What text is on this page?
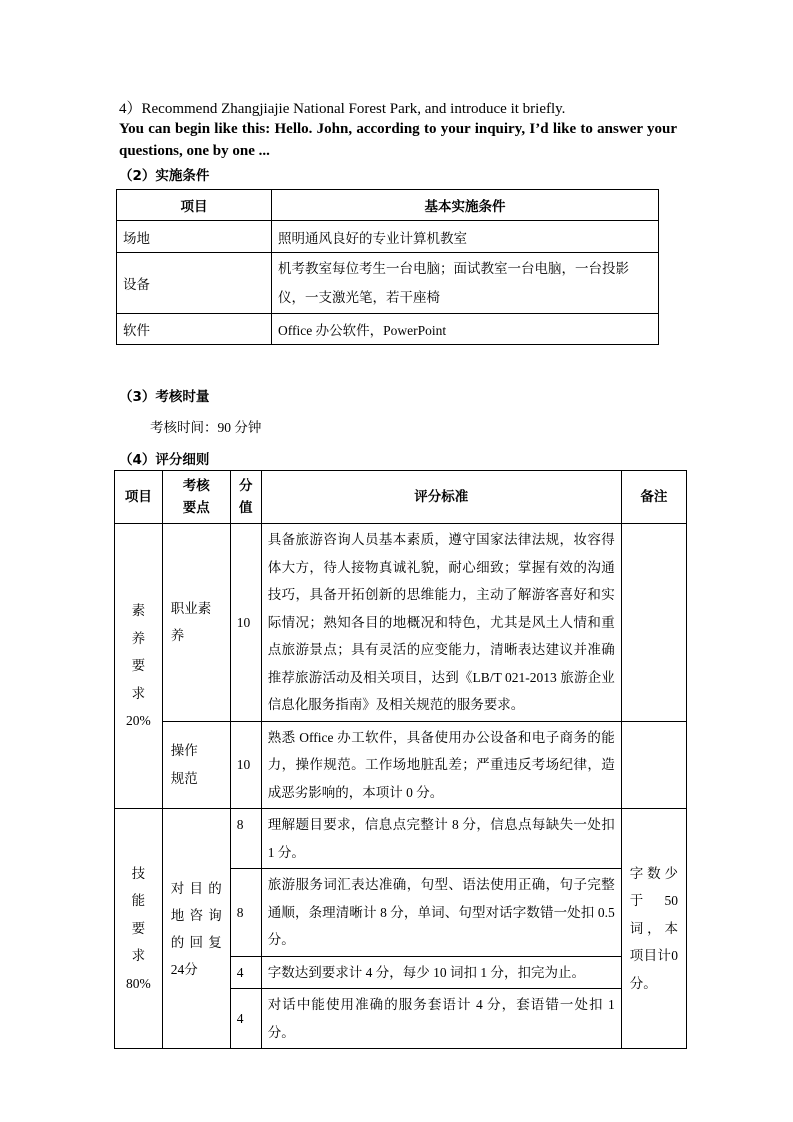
4）Recommend Zhangjiajie National Forest Park, and introduce it briefly.
You can begin like this: Hello. John, according to your inquiry, I’d like to answer your questions, one by one ...
（2）实施条件
项目	基本实施条件
场地	照明通风良好的专业计算机教室
设备	机考教室每位考生一台电脑；面试教室一台电脑，一台投影仪，一支激光笔，若干座椅
软件	Office 办公软件，PowerPoint
（3）考核时量
考核时间：90 分钟
（4）评分细则
项目	考核要点	分值	评分标准	备注
素养要求20%	职业素养	10	具备旅游咨询人员基本素质，遵守国家法律法规，妆容得体大方，待人接物真诚礼貌，耐心细致；掌握有效的沟通技巧，具备开拓创新的思维能力，主动了解游客喜好和实际情况；熟知各目的地概况和特色，尤其是风土人情和重点旅游景点；具有灵活的应变能力，清晰表达建议并准确推荐旅游活动及相关项目，达到《LB/T 021-2013 旅游企业信息化服务指南》及相关规范的服务要求。	
	操作规范	10	熟悉 Office 办工软件，具备使用办公设备和电子商务的能力，操作规范。工作场地脏乱差；严重违反考场纪律，造成恶劣影响的，本项计 0 分。	
技能要求80%	对目的地咨询的回复24分	8	理解题目要求，信息点完整计 8 分，信息点每缺失一处扣 1 分。	字数少于50词，本项目计0分。
		8	旅游服务词汇表达准确，句型、语法使用正确，句子完整通顺，条理清晰计 8 分，单词、句型对话字数错一处扣 0.5 分。	
		4	字数达到要求计 4 分，每少 10 词扣 1 分，扣完为止。	
		4	对话中能使用准确的服务套语计 4 分，套语错一处扣 1 分。	
